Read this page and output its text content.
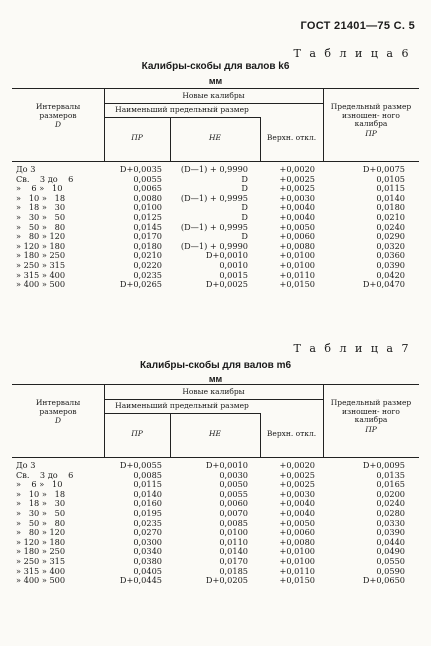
ГОСТ 21401—75 С. 5
Т а б л и ц а 6
Калибры-скобы для валов k6
мм
Интервалы размеров
D
Новые калибры
Наименьший предельный размер
ПР	НЕ	Верхн. откл.
Предельный размер изношен- ного калибра
ПР
До 3	D+0,0035	(D—1) + 0,9990	+0,0020	D+0,0075
Св.    3 до    6	0,0055	D	+0,0025	0,0105
»    6 »   10	0,0065	D	+0,0025	0,0115
»   10 »   18	0,0080	(D—1) + 0,9995	+0,0030	0,0140
»   18 »   30	0,0100	D	+0,0040	0,0180
»   30 »   50	0,0125	D	+0,0040	0,0210
»   50 »   80	0,0145	(D—1) + 0,9995	+0,0050	0,0240
»   80 » 120	0,0170	D	+0,0060	0,0290
» 120 » 180	0,0180	(D—1) + 0,9990	+0,0080	0,0320
» 180 » 250	0,0210	D+0,0010	+0,0100	0,0360
» 250 » 315	0,0220	0,0010	+0,0100	0,0390
» 315 » 400	0,0235	0,0015	+0,0110	0,0420
» 400 » 500	D+0,0265	D+0,0025	+0,0150	D+0,0470
Т а б л и ц а 7
Калибры-скобы для валов m6
мм
Интервалы размеров
D
Новые калибры
Наименьший предельный размер
ПР	НЕ	Верхн. откл.
Предельный размер изношен- ного калибра
ПР
До 3	D+0,0055	D+0,0010	+0,0020	D+0,0095
Св.    3 до    6	0,0085	0,0030	+0,0025	0,0135
»    6 »   10	0,0115	0,0050	+0,0025	0,0165
»   10 »   18	0,0140	0,0055	+0,0030	0,0200
»   18 »   30	0,0160	0,0060	+0,0040	0,0240
»   30 »   50	0,0195	0,0070	+0,0040	0,0280
»   50 »   80	0,0235	0,0085	+0,0050	0,0330
»   80 » 120	0,0270	0,0100	+0,0060	0,0390
» 120 » 180	0,0300	0,0110	+0,0080	0,0440
» 180 » 250	0,0340	0,0140	+0,0100	0,0490
» 250 » 315	0,0380	0,0170	+0,0100	0,0550
» 315 » 400	0,0405	0,0185	+0,0110	0,0590
» 400 » 500	D+0,0445	D+0,0205	+0,0150	D+0,0650
